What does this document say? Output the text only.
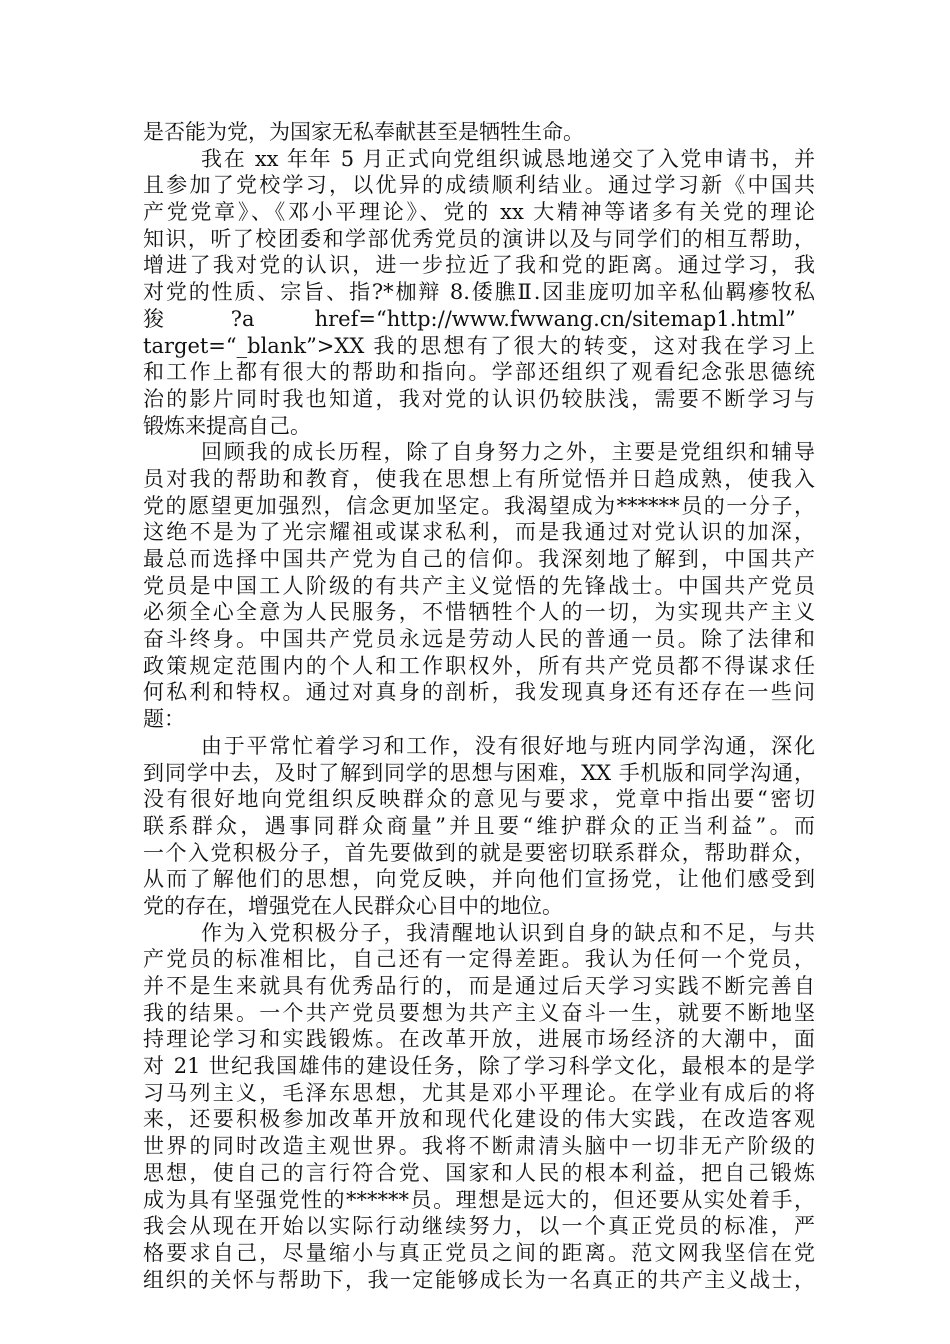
是否能为党，为国家无私奉献甚至是牺牲生命。
我在 xx 年年 5 月正式向党组织诚恳地递交了入党申请书，并
且参加了党校学习，以优异的成绩顺利结业。通过学习新《中国共
产党党章》、《邓小平理论》、党的 xx 大精神等诸多有关党的理论
知识，听了校团委和学部优秀党员的演讲以及与同学们的相互帮助，
增进了我对党的认识，进一步拉近了我和党的距离。通过学习，我
对党的性质、宗旨、指?*枷辩 8.倭膲Ⅱ.㘝韭庞叨加辛私仙羁瘮牧私
狻          ?a         href=“http://www.fwwang.cn/sitemap1.html”
target=“_blank”>XX 我的思想有了很大的转变，这对我在学习上
和工作上都有很大的帮助和指向。学部还组织了观看纪念张思德统
治的影片同时我也知道，我对党的认识仍较肤浅，需要不断学习与
锻炼来提高自己。
回顾我的成长历程，除了自身努力之外，主要是党组织和辅导
员对我的帮助和教育，使我在思想上有所觉悟并日趋成熟，使我入
党的愿望更加强烈，信念更加坚定。我渴望成为******员的一分子，
这绝不是为了光宗耀祖或谋求私利，而是我通过对党认识的加深，
最总而选择中国共产党为自己的信仰。我深刻地了解到，中国共产
党员是中国工人阶级的有共产主义觉悟的先锋战士。中国共产党员
必须全心全意为人民服务，不惜牺牲个人的一切，为实现共产主义
奋斗终身。中国共产党员永远是劳动人民的普通一员。除了法律和
政策规定范围内的个人和工作职权外，所有共产党员都不得谋求任
何私利和特权。通过对真身的剖析，我发现真身还有还存在一些问
题：
由于平常忙着学习和工作，没有很好地与班内同学沟通，深化
到同学中去，及时了解到同学的思想与困难，XX 手机版和同学沟通，
没有很好地向党组织反映群众的意见与要求，党章中指出要“密切
联系群众，遇事同群众商量”并且要“维护群众的正当利益”。而
一个入党积极分子，首先要做到的就是要密切联系群众，帮助群众，
从而了解他们的思想，向党反映，并向他们宣扬党，让他们感受到
党的存在，增强党在人民群众心目中的地位。
作为入党积极分子，我清醒地认识到自身的缺点和不足，与共
产党员的标准相比，自己还有一定得差距。我认为任何一个党员，
并不是生来就具有优秀品行的，而是通过后天学习实践不断完善自
我的结果。一个共产党员要想为共产主义奋斗一生，就要不断地坚
持理论学习和实践锻炼。在改革开放，进展市场经济的大潮中，面
对 21 世纪我国雄伟的建设任务，除了学习科学文化，最根本的是学
习马列主义，毛泽东思想，尤其是邓小平理论。在学业有成后的将
来，还要积极参加改革开放和现代化建设的伟大实践，在改造客观
世界的同时改造主观世界。我将不断肃清头脑中一切非无产阶级的
思想，使自己的言行符合党、国家和人民的根本利益，把自己锻炼
成为具有坚强党性的******员。理想是远大的，但还要从实处着手，
我会从现在开始以实际行动继续努力，以一个真正党员的标准，严
格要求自己，尽量缩小与真正党员之间的距离。范文网我坚信在党
组织的关怀与帮助下，我一定能够成长为一名真正的共产主义战士，
